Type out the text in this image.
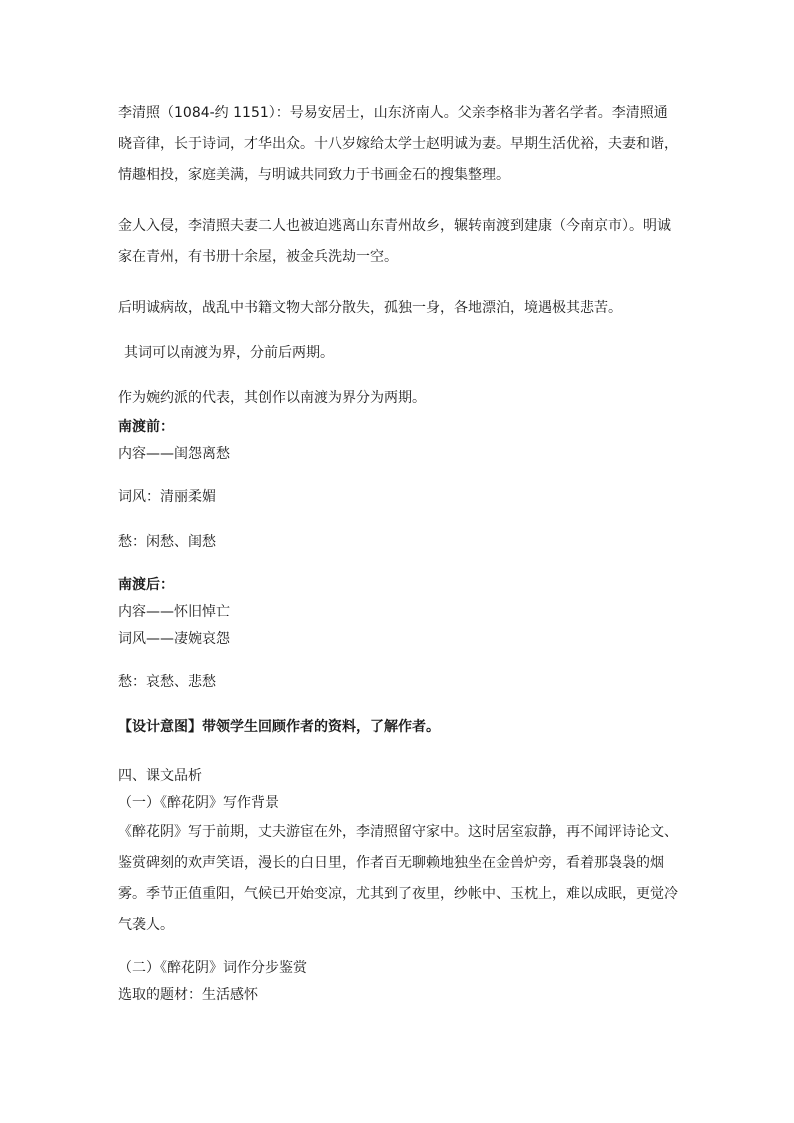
李清照（1084-约 1151）：号易安居士，山东济南人。父亲李格非为著名学者。李清照通晓音律，长于诗词，才华出众。十八岁嫁给太学士赵明诚为妻。早期生活优裕，夫妻和谐，情趣相投，家庭美满，与明诚共同致力于书画金石的搜集整理。

金人入侵，李清照夫妻二人也被迫逃离山东青州故乡，辗转南渡到建康（今南京市）。明诚家在青州，有书册十余屋，被金兵洗劫一空。

后明诚病故，战乱中书籍文物大部分散失，孤独一身，各地漂泊，境遇极其悲苦。

其词可以南渡为界，分前后两期。

作为婉约派的代表，其创作以南渡为界分为两期。

南渡前：

内容——闺怨离愁

词风：清丽柔媚

愁：闲愁、闺愁

南渡后：

内容——怀旧悼亡

词风——凄婉哀怨

愁：哀愁、悲愁

【设计意图】带领学生回顾作者的资料，了解作者。

四、课文品析

（一）《醉花阴》写作背景

《醉花阴》写于前期，丈夫游宦在外，李清照留守家中。这时居室寂静，再不闻评诗论文、鉴赏碑刻的欢声笑语，漫长的白日里，作者百无聊赖地独坐在金兽炉旁，看着那袅袅的烟雾。季节正值重阳，气候已开始变凉，尤其到了夜里，纱帐中、玉枕上，难以成眠，更觉冷气袭人。

（二）《醉花阴》词作分步鉴赏

选取的题材：生活感怀
